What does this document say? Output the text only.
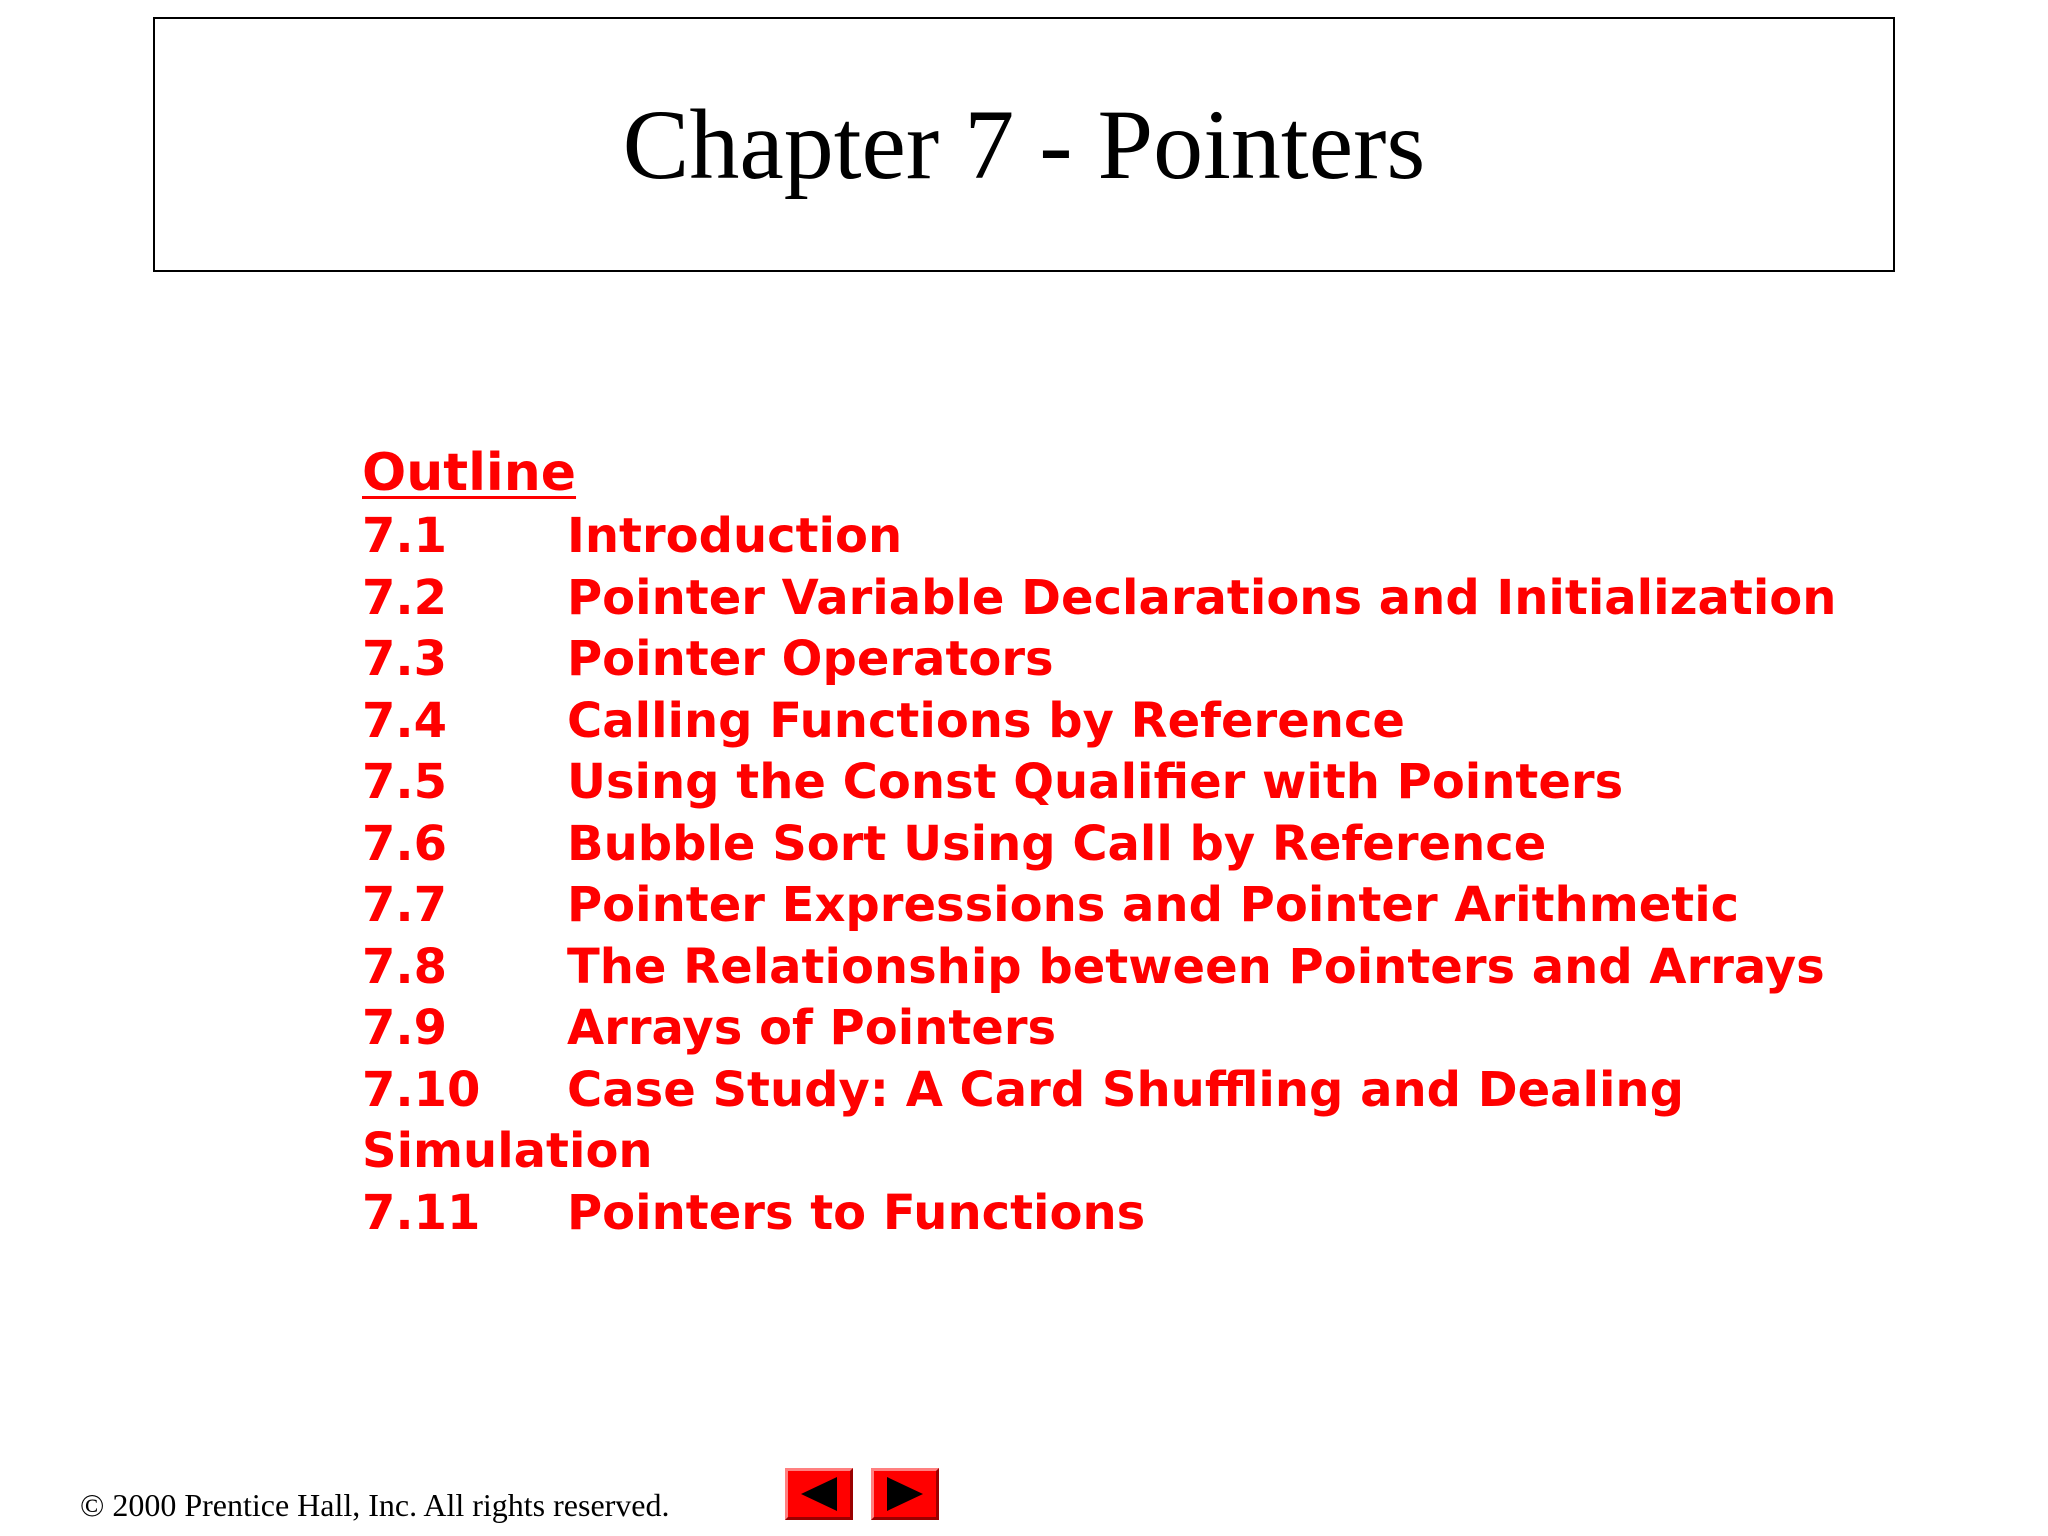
Chapter 7 - Pointers
Outline
7.1	Introduction
7.2	Pointer Variable Declarations and Initialization
7.3	Pointer Operators
7.4	Calling Functions by Reference
7.5	Using the Const Qualifier with Pointers
7.6	Bubble Sort Using Call by Reference
7.7	Pointer Expressions and Pointer Arithmetic
7.8	The Relationship between Pointers and Arrays
7.9	Arrays of Pointers
7.10	Case Study: A Card Shuffling and Dealing
Simulation
7.11	Pointers to Functions
© 2000 Prentice Hall, Inc. All rights reserved.
